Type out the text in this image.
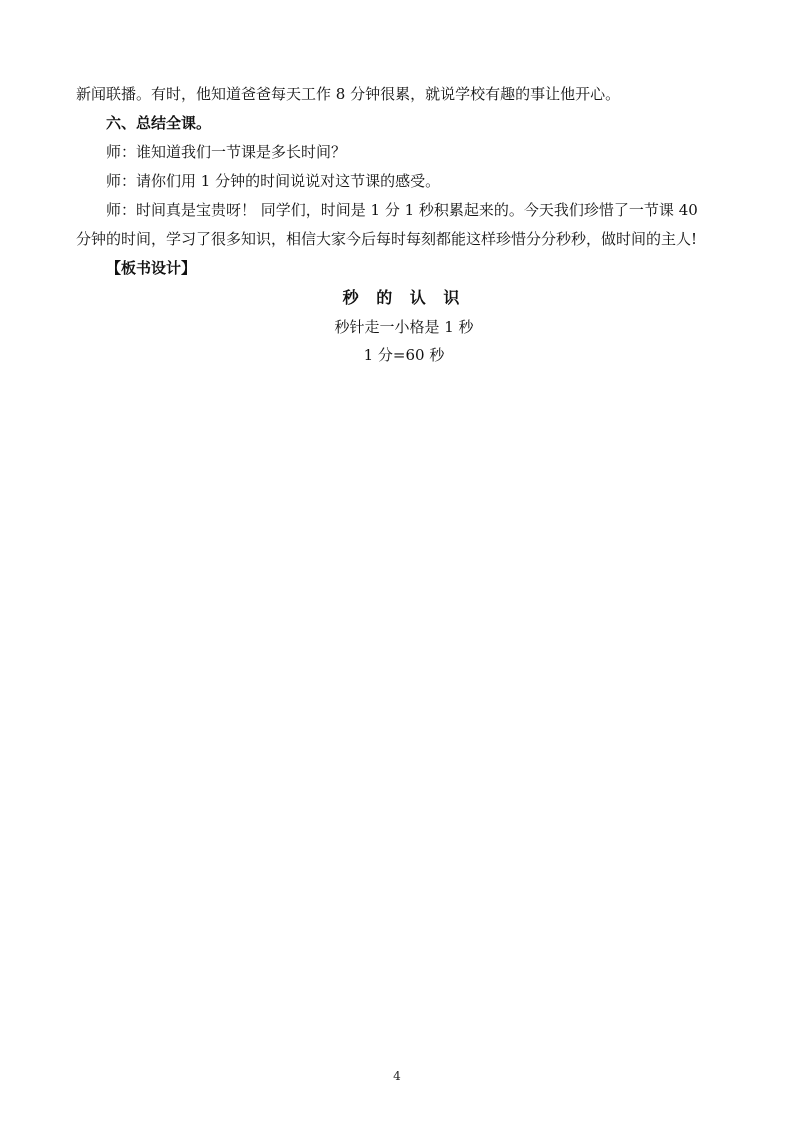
新闻联播。有时，他知道爸爸每天工作 8 分钟很累，就说学校有趣的事让他开心。

六、总结全课。

师：谁知道我们一节课是多长时间？

师：请你们用 1 分钟的时间说说对这节课的感受。

师：时间真是宝贵呀！ 同学们，时间是 1 分 1 秒积累起来的。今天我们珍惜了一节课 40 分钟的时间，学习了很多知识，相信大家今后每时每刻都能这样珍惜分分秒秒，做时间的主人!

【板书设计】

秒 的 认 识
秒针走一小格是 1 秒
1 分=60 秒
4
